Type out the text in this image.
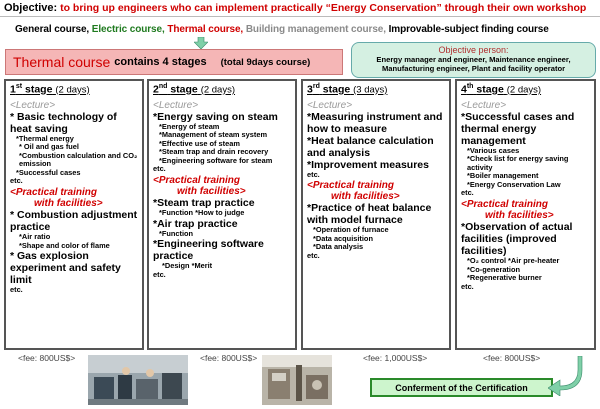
Objective: to bring up engineers who can implement practically “Energy Conservation” through their own workshop
General course, Electric course, Thermal course, Building management course, Improvable-subject finding course
Thermal course contains 4 stages (total 9days course)
Objective person:
Energy manager and engineer, Maintenance engineer,
Manufacturing engineer, Plant and facility operator
1st stage (2 days)
<Lecture>
* Basic technology of heat saving
*Thermal energy
* Oil and gas fuel
*Combustion calculation and CO₂ emission
*Successful cases
etc.
<Practical training
with facilities>
* Combustion adjustment practice
*Air ratio
*Shape and color of flame
* Gas explosion experiment and safety limit
etc.
2nd stage (2 days)
<Lecture>
*Energy saving on steam
*Energy of steam
*Management of steam system
*Effective use of steam
*Steam trap and drain recovery
*Engineering software for steam
etc.
<Practical training
with facilities>
*Steam trap practice
*Function *How to judge
*Air trap practice
*Function
*Engineering software practice
*Design *Merit
etc.
3rd stage (3 days)
<Lecture>
*Measuring instrument and how to measure
*Heat balance calculation and analysis
*Improvement measures
etc.
<Practical training
with facilities>
*Practice of heat balance with model furnace
*Operation of furnace
*Data acquisition
*Data analysis
etc.
4th stage (2 days)
<Lecture>
*Successful cases and thermal energy management
*Various cases
*Check list for energy saving activity
*Boiler management
*Energy Conservation Law
etc.
<Practical training
with facilities>
*Observation of actual facilities (improved facilities)
*O₂ control *Air pre-heater
*Co-generation
*Regenerative burner
etc.
<fee: 800US$>	<fee: 800US$>	<fee: 1,000US$>	<fee: 800US$>
Conferment of the Certification
